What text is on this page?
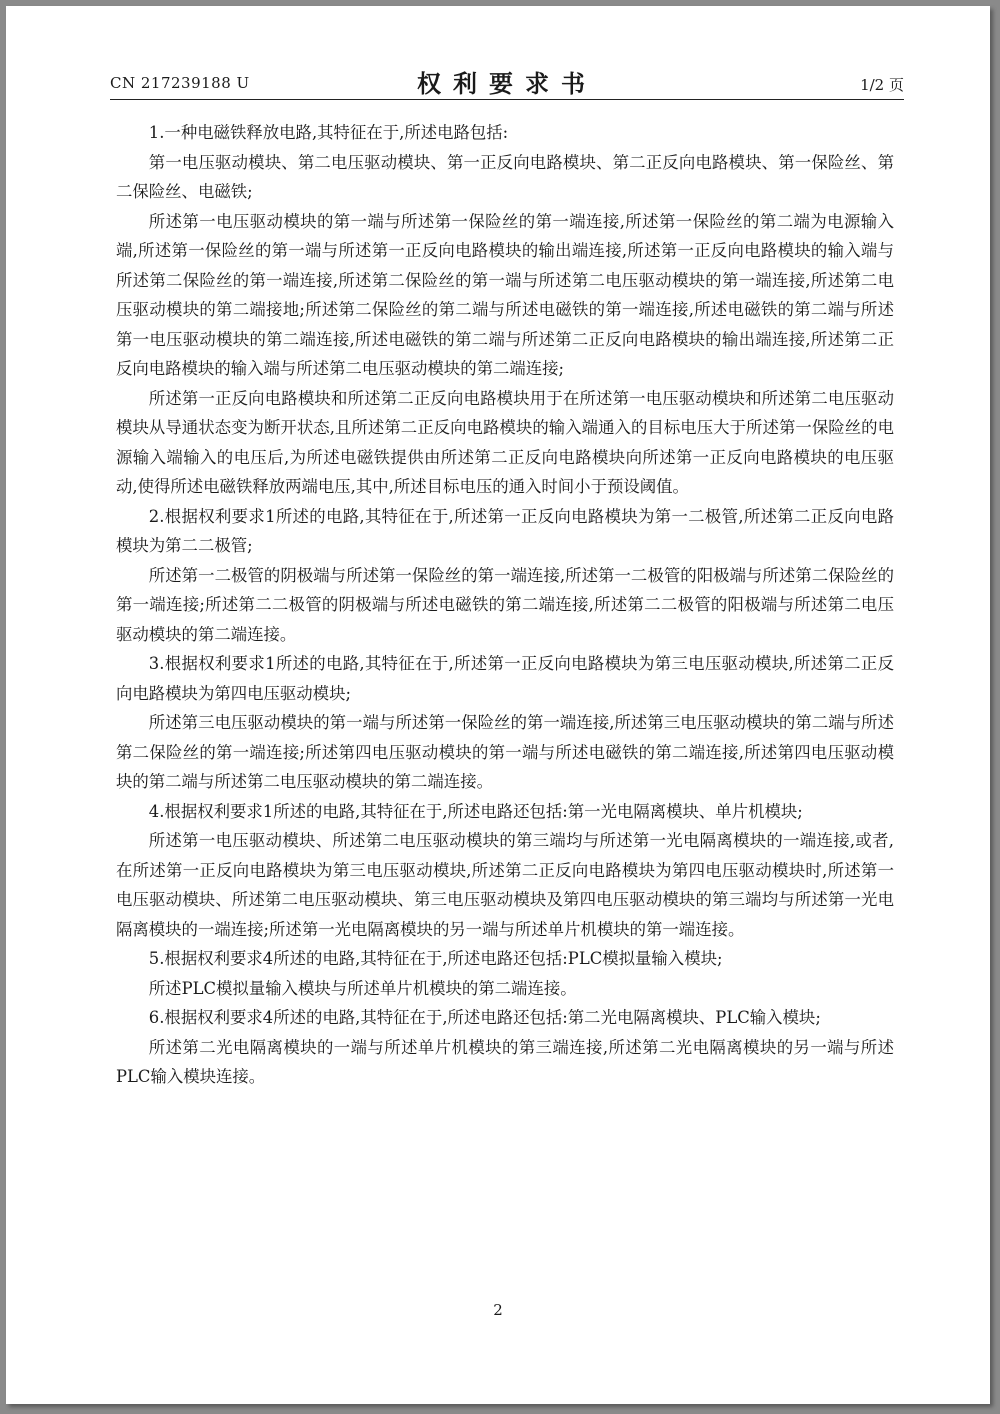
CN 217239188 U	权利要求书	1/2 页

1.一种电磁铁释放电路,其特征在于,所述电路包括:

第一电压驱动模块、第二电压驱动模块、第一正反向电路模块、第二正反向电路模块、第一保险丝、第二保险丝、电磁铁;

所述第一电压驱动模块的第一端与所述第一保险丝的第一端连接,所述第一保险丝的第二端为电源输入端,所述第一保险丝的第一端与所述第一正反向电路模块的输出端连接,所述第一正反向电路模块的输入端与所述第二保险丝的第一端连接,所述第二保险丝的第一端与所述第二电压驱动模块的第一端连接,所述第二电压驱动模块的第二端接地;所述第二保险丝的第二端与所述电磁铁的第一端连接,所述电磁铁的第二端与所述第一电压驱动模块的第二端连接,所述电磁铁的第二端与所述第二正反向电路模块的输出端连接,所述第二正反向电路模块的输入端与所述第二电压驱动模块的第二端连接;

所述第一正反向电路模块和所述第二正反向电路模块用于在所述第一电压驱动模块和所述第二电压驱动模块从导通状态变为断开状态,且所述第二正反向电路模块的输入端通入的目标电压大于所述第一保险丝的电源输入端输入的电压后,为所述电磁铁提供由所述第二正反向电路模块向所述第一正反向电路模块的电压驱动,使得所述电磁铁释放两端电压,其中,所述目标电压的通入时间小于预设阈值。

2.根据权利要求1所述的电路,其特征在于,所述第一正反向电路模块为第一二极管,所述第二正反向电路模块为第二二极管;

所述第一二极管的阴极端与所述第一保险丝的第一端连接,所述第一二极管的阳极端与所述第二保险丝的第一端连接;所述第二二极管的阴极端与所述电磁铁的第二端连接,所述第二二极管的阳极端与所述第二电压驱动模块的第二端连接。

3.根据权利要求1所述的电路,其特征在于,所述第一正反向电路模块为第三电压驱动模块,所述第二正反向电路模块为第四电压驱动模块;

所述第三电压驱动模块的第一端与所述第一保险丝的第一端连接,所述第三电压驱动模块的第二端与所述第二保险丝的第一端连接;所述第四电压驱动模块的第一端与所述电磁铁的第二端连接,所述第四电压驱动模块的第二端与所述第二电压驱动模块的第二端连接。

4.根据权利要求1所述的电路,其特征在于,所述电路还包括:第一光电隔离模块、单片机模块;

所述第一电压驱动模块、所述第二电压驱动模块的第三端均与所述第一光电隔离模块的一端连接,或者,在所述第一正反向电路模块为第三电压驱动模块,所述第二正反向电路模块为第四电压驱动模块时,所述第一电压驱动模块、所述第二电压驱动模块、第三电压驱动模块及第四电压驱动模块的第三端均与所述第一光电隔离模块的一端连接;所述第一光电隔离模块的另一端与所述单片机模块的第一端连接。

5.根据权利要求4所述的电路,其特征在于,所述电路还包括:PLC模拟量输入模块;

所述PLC模拟量输入模块与所述单片机模块的第二端连接。

6.根据权利要求4所述的电路,其特征在于,所述电路还包括:第二光电隔离模块、PLC输入模块;

所述第二光电隔离模块的一端与所述单片机模块的第三端连接,所述第二光电隔离模块的另一端与所述PLC输入模块连接。

2
